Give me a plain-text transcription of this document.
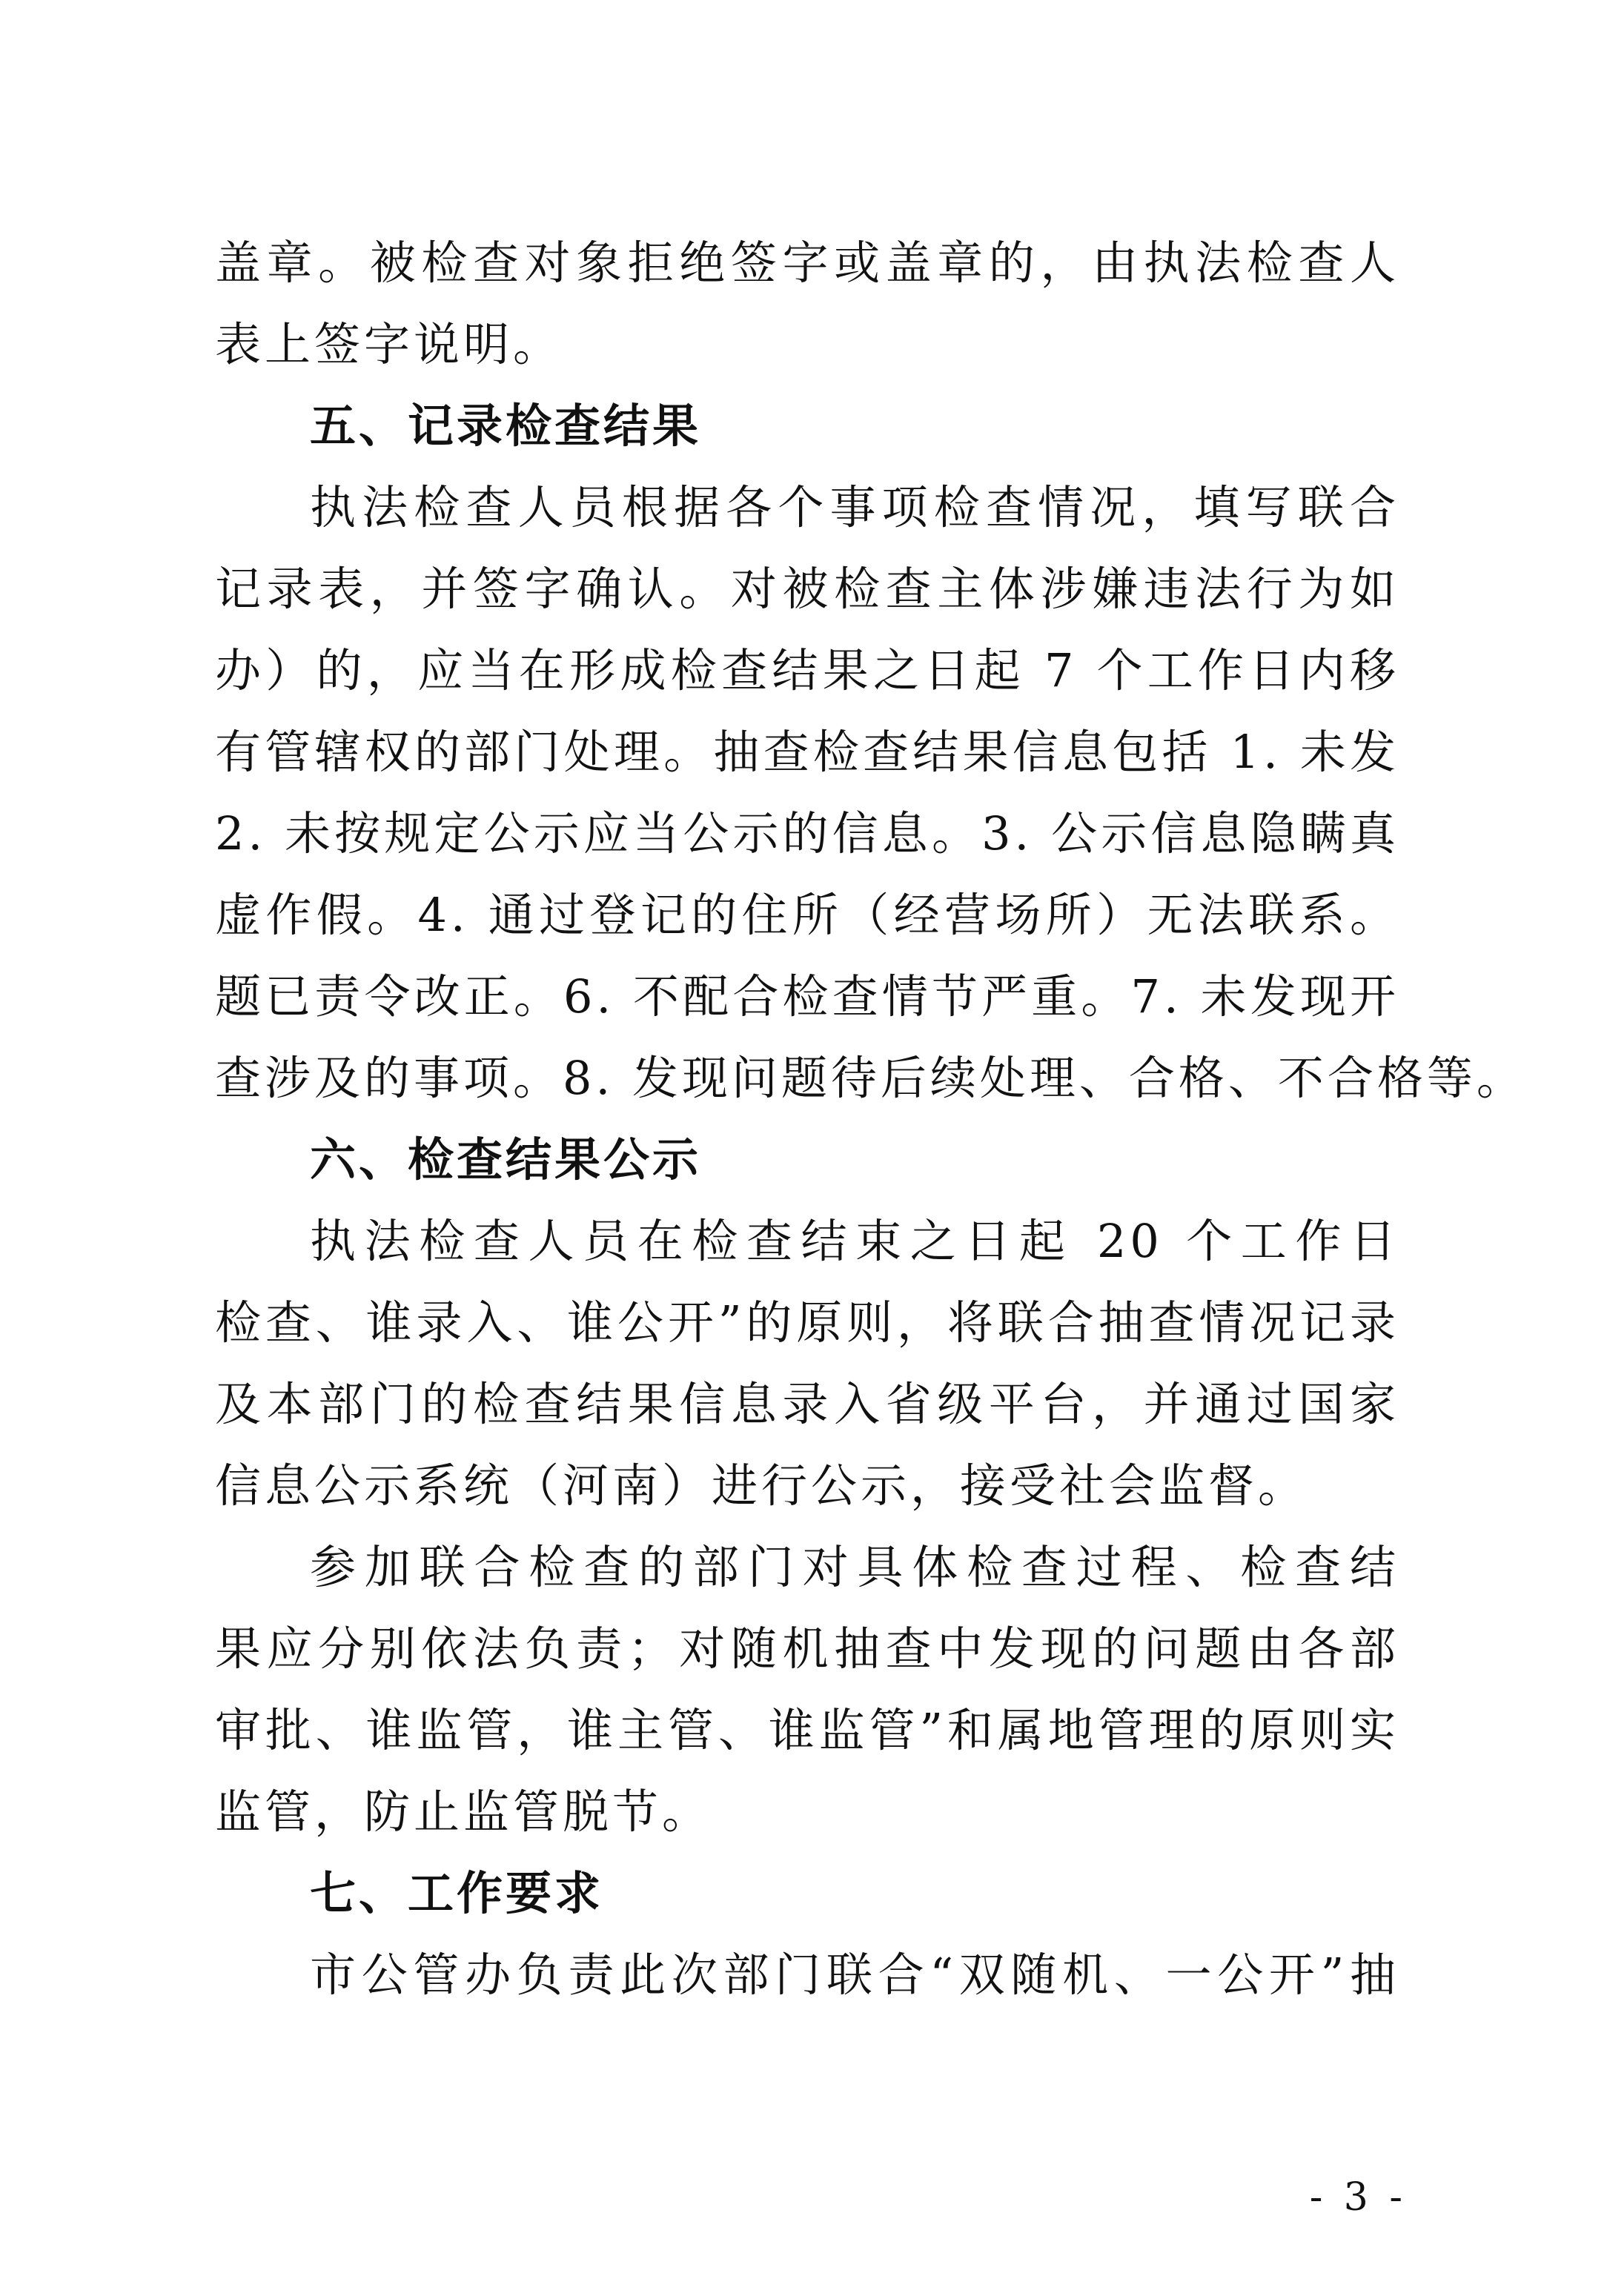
盖章。被检查对象拒绝签字或盖章的，由执法检查人
表上签字说明。
五、记录检查结果
执法检查人员根据各个事项检查情况，填写联合
记录表，并签字确认。对被检查主体涉嫌违法行为如
办）的，应当在形成检查结果之日起 7 个工作日内移
有管辖权的部门处理。抽查检查结果信息包括 1. 未发
2. 未按规定公示应当公示的信息。3. 公示信息隐瞒真
虚作假。4. 通过登记的住所（经营场所）无法联系。
题已责令改正。6. 不配合检查情节严重。7. 未发现开
查涉及的事项。8. 发现问题待后续处理、合格、不合格等。
六、检查结果公示
执法检查人员在检查结束之日起 20 个工作日
检查、谁录入、谁公开”的原则，将联合抽查情况记录
及本部门的检查结果信息录入省级平台，并通过国家
信息公示系统（河南）进行公示，接受社会监督。
参加联合检查的部门对具体检查过程、检查结
果应分别依法负责；对随机抽查中发现的问题由各部
审批、谁监管，谁主管、谁监管”和属地管理的原则实
监管，防止监管脱节。
七、工作要求
市公管办负责此次部门联合“双随机、一公开”抽
- 3 -
